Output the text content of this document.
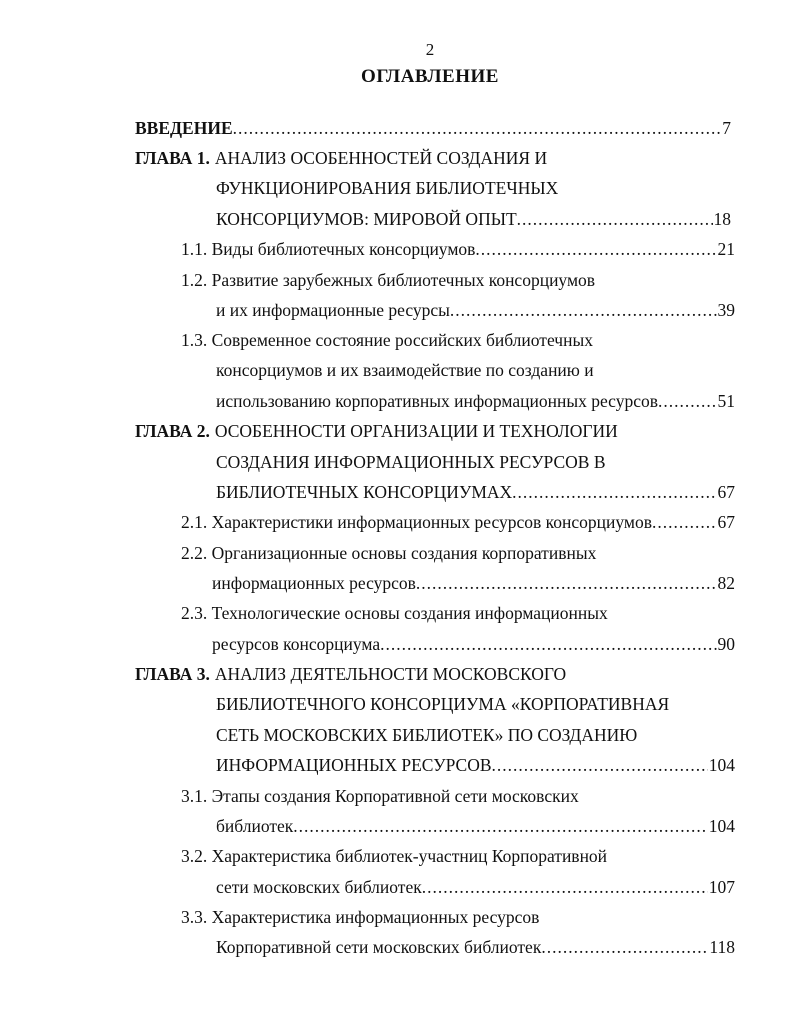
2
ОГЛАВЛЕНИЕ
ВВЕДЕНИЕ .....	7
ГЛАВА 1. АНАЛИЗ ОСОБЕННОСТЕЙ СОЗДАНИЯ И
ФУНКЦИОНИРОВАНИЯ БИБЛИОТЕЧНЫХ
КОНСОРЦИУМОВ: МИРОВОЙ ОПЫТ .....	18
1.1. Виды библиотечных консорциумов .....	21
1.2. Развитие зарубежных библиотечных консорциумов
и их информационные ресурсы .....	39
1.3. Современное состояние российских библиотечных
консорциумов и их взаимодействие по созданию и
использованию корпоративных информационных ресурсов .....	51
ГЛАВА 2. ОСОБЕННОСТИ ОРГАНИЗАЦИИ И ТЕХНОЛОГИИ
СОЗДАНИЯ ИНФОРМАЦИОННЫХ РЕСУРСОВ В
БИБЛИОТЕЧНЫХ КОНСОРЦИУМАХ .....	67
2.1. Характеристики информационных ресурсов консорциумов .....	67
2.2. Организационные основы создания корпоративных
информационных ресурсов .....	82
2.3. Технологические основы создания информационных
ресурсов консорциума .....	90
ГЛАВА 3. АНАЛИЗ ДЕЯТЕЛЬНОСТИ МОСКОВСКОГО
БИБЛИОТЕЧНОГО КОНСОРЦИУМА «КОРПОРАТИВНАЯ
СЕТЬ МОСКОВСКИХ БИБЛИОТЕК» ПО СОЗДАНИЮ
ИНФОРМАЦИОННЫХ РЕСУРСОВ .....	104
3.1. Этапы создания Корпоративной сети московских
библиотек .....	104
3.2. Характеристика библиотек-участниц Корпоративной
сети московских библиотек .....	107
3.3. Характеристика информационных ресурсов
Корпоративной сети московских библиотек .....	118
